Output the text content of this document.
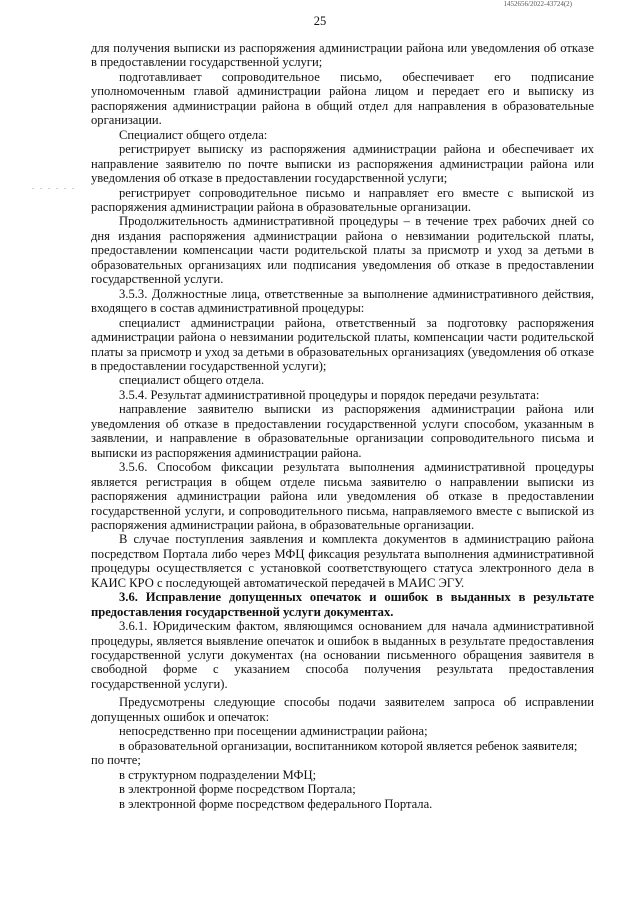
1452656/2022-43724(2)
25
. . . . . .

для получения выписки из распоряжения администрации района или уведомления об отказе в предоставлении государственной услуги;

подготавливает сопроводительное письмо, обеспечивает его подписание уполномоченным главой администрации района лицом и передает его и выписку из распоряжения администрации района в общий отдел для направления в образовательные организации.

Специалист общего отдела:

регистрирует выписку из распоряжения администрации района и обеспечивает их направление заявителю по почте выписки из распоряжения администрации района или уведомления об отказе в предоставлении государственной услуги;

регистрирует сопроводительное письмо и направляет его вместе с выпиской из распоряжения администрации района в образовательные организации.

Продолжительность административной процедуры – в течение трех рабочих дней со дня издания распоряжения администрации района о невзимании родительской платы, предоставлении компенсации части родительской платы за присмотр и уход за детьми в образовательных организациях или подписания уведомления об отказе в предоставлении государственной услуги.

3.5.3. Должностные лица, ответственные за выполнение административного действия, входящего в состав административной процедуры:

специалист администрации района, ответственный за подготовку распоряжения администрации района о невзимании родительской платы, компенсации части родительской платы за присмотр и уход за детьми в образовательных организациях (уведомления об отказе в предоставлении государственной услуги);

специалист общего отдела.

3.5.4. Результат административной процедуры и порядок передачи результата:

направление заявителю выписки из распоряжения администрации района или уведомления об отказе в предоставлении государственной услуги способом, указанным в заявлении, и направление в образовательные организации сопроводительного письма и выписки из распоряжения администрации района.

3.5.6. Способом фиксации результата выполнения административной процедуры является регистрация в общем отделе письма заявителю о направлении выписки из распоряжения администрации района или уведомления об отказе в предоставлении государственной услуги, и сопроводительного письма, направляемого вместе с выпиской из распоряжения администрации района, в образовательные организации.

В случае поступления заявления и комплекта документов в администрацию района посредством Портала либо через МФЦ фиксация результата выполнения административной процедуры осуществляется с установкой соответствующего статуса электронного дела в КАИС КРО с последующей автоматической передачей в МАИС ЭГУ.

3.6. Исправление допущенных опечаток и ошибок в выданных в результате предоставления государственной услуги документах.

3.6.1. Юридическим фактом, являющимся основанием для начала административной процедуры, является выявление опечаток и ошибок в выданных в результате предоставления государственной услуги документах (на основании письменного обращения заявителя в свободной форме с указанием способа получения результата предоставления государственной услуги).

Предусмотрены следующие способы подачи заявителем запроса об исправлении допущенных ошибок и опечаток:

непосредственно при посещении администрации района;

в образовательной организации, воспитанником которой является ребенок заявителя;

по почте;

в структурном подразделении МФЦ;

в электронной форме посредством Портала;

в электронной форме посредством федерального Портала.
